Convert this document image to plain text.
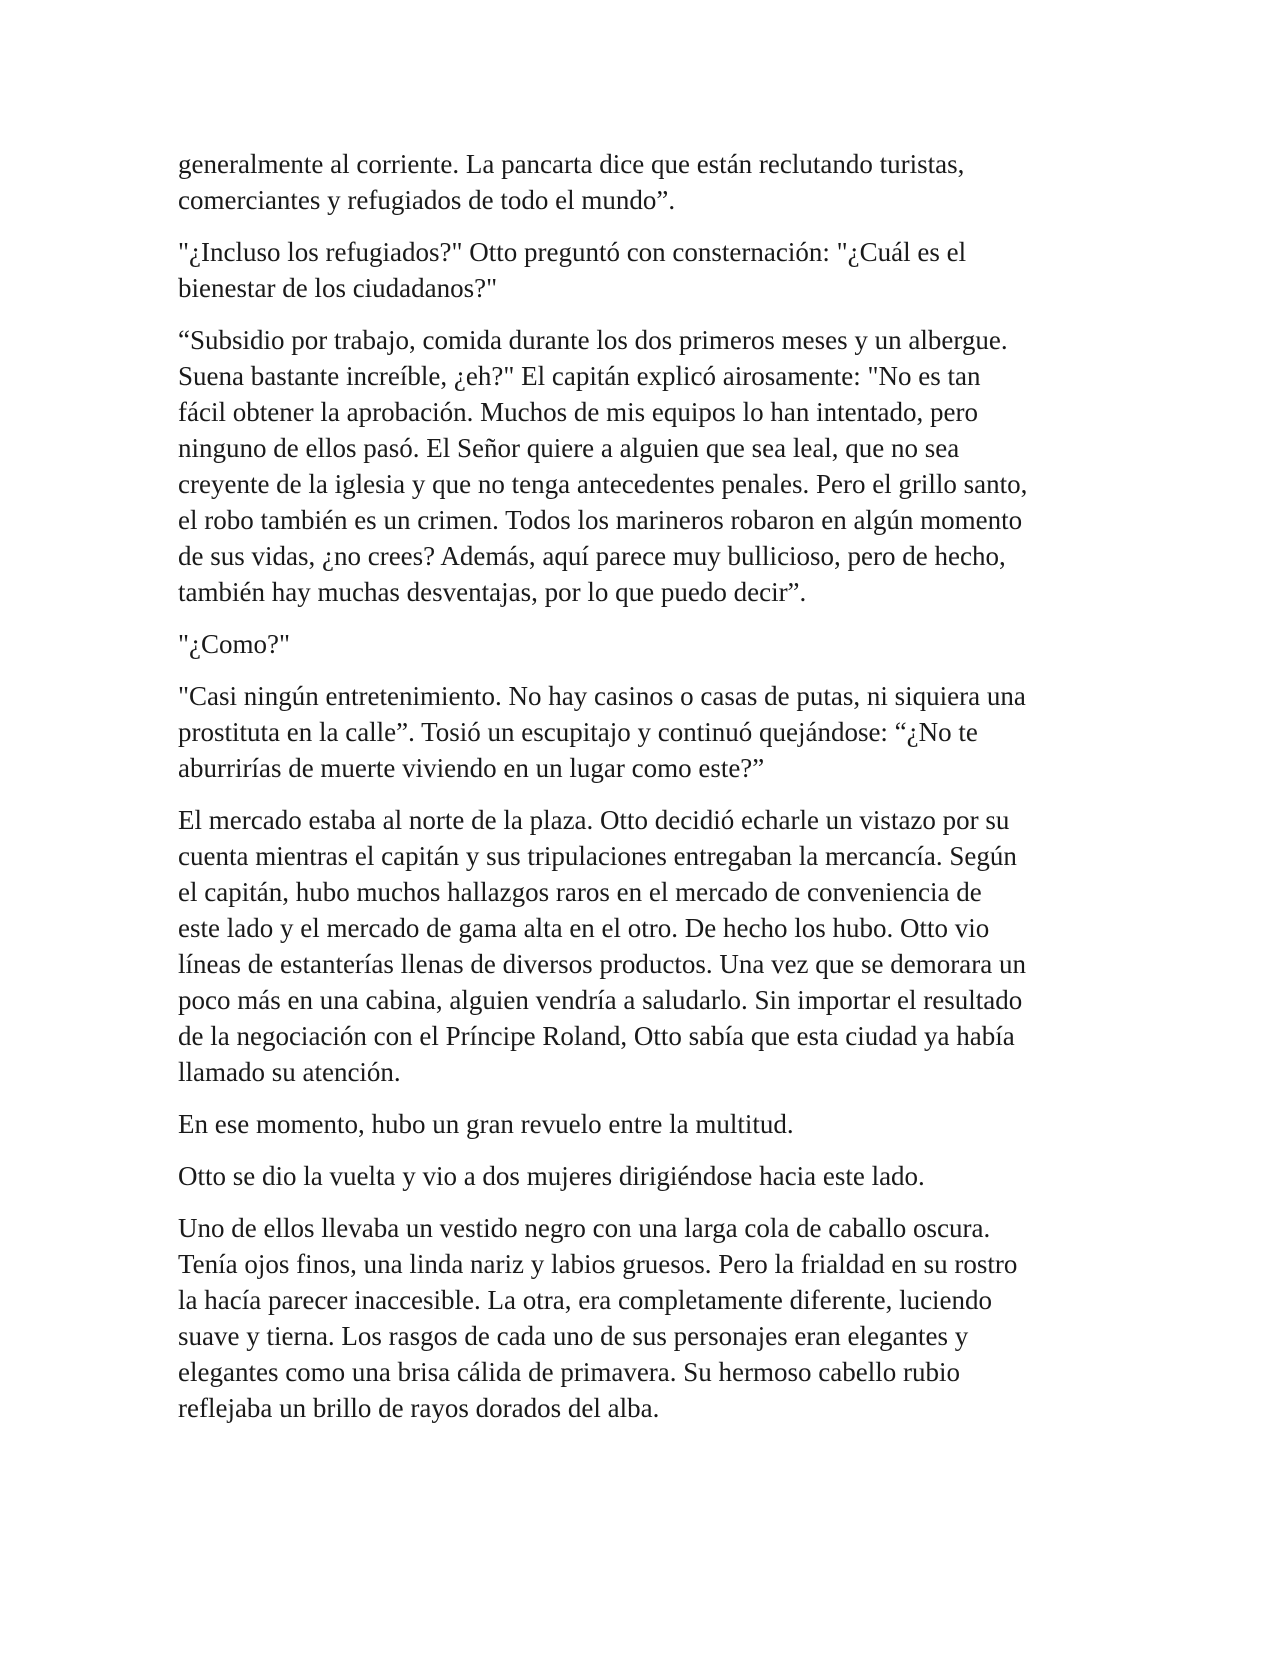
generalmente al corriente. La pancarta dice que están reclutando turistas,
comerciantes y refugiados de todo el mundo”.

"¿Incluso los refugiados?" Otto preguntó con consternación: "¿Cuál es el
bienestar de los ciudadanos?"

“Subsidio por trabajo, comida durante los dos primeros meses y un albergue.
Suena bastante increíble, ¿eh?" El capitán explicó airosamente: "No es tan
fácil obtener la aprobación. Muchos de mis equipos lo han intentado, pero
ninguno de ellos pasó. El Señor quiere a alguien que sea leal, que no sea
creyente de la iglesia y que no tenga antecedentes penales. Pero el grillo santo,
el robo también es un crimen. Todos los marineros robaron en algún momento
de sus vidas, ¿no crees? Además, aquí parece muy bullicioso, pero de hecho,
también hay muchas desventajas, por lo que puedo decir”.

"¿Como?"

"Casi ningún entretenimiento. No hay casinos o casas de putas, ni siquiera una
prostituta en la calle”. Tosió un escupitajo y continuó quejándose: “¿No te
aburrirías de muerte viviendo en un lugar como este?”

El mercado estaba al norte de la plaza. Otto decidió echarle un vistazo por su
cuenta mientras el capitán y sus tripulaciones entregaban la mercancía. Según
el capitán, hubo muchos hallazgos raros en el mercado de conveniencia de
este lado y el mercado de gama alta en el otro. De hecho los hubo. Otto vio
líneas de estanterías llenas de diversos productos. Una vez que se demorara un
poco más en una cabina, alguien vendría a saludarlo. Sin importar el resultado
de la negociación con el Príncipe Roland, Otto sabía que esta ciudad ya había
llamado su atención.

En ese momento, hubo un gran revuelo entre la multitud.

Otto se dio la vuelta y vio a dos mujeres dirigiéndose hacia este lado.

Uno de ellos llevaba un vestido negro con una larga cola de caballo oscura.
Tenía ojos finos, una linda nariz y labios gruesos. Pero la frialdad en su rostro
la hacía parecer inaccesible. La otra, era completamente diferente, luciendo
suave y tierna. Los rasgos de cada uno de sus personajes eran elegantes y
elegantes como una brisa cálida de primavera. Su hermoso cabello rubio
reflejaba un brillo de rayos dorados del alba.
